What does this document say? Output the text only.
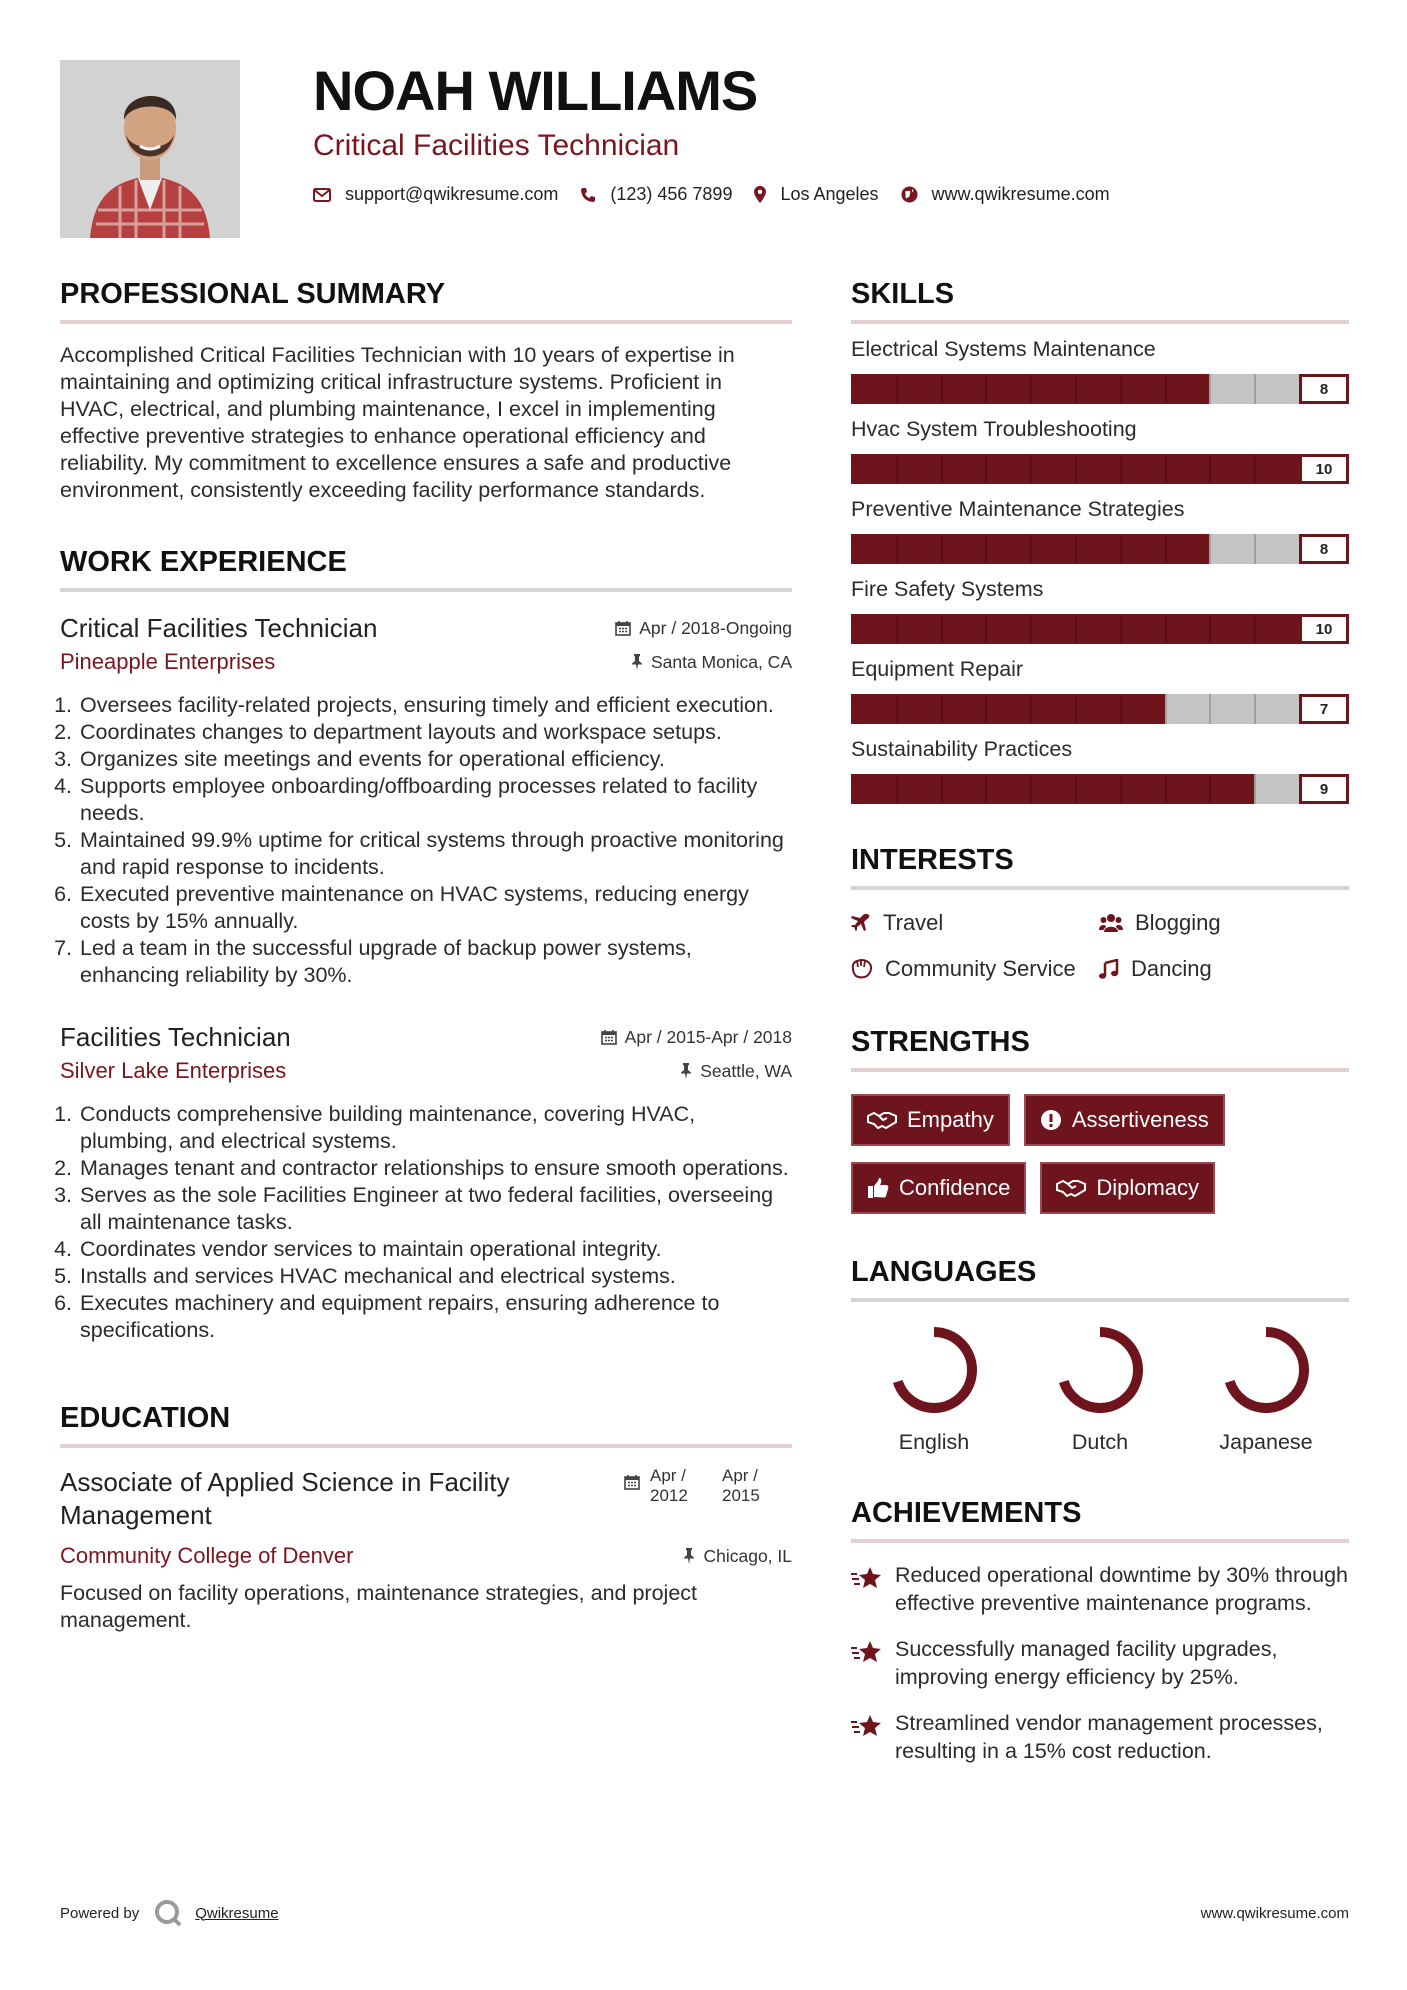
NOAH WILLIAMS
Critical Facilities Technician
support@qwikresume.com	(123) 456 7899	Los Angeles	www.qwikresume.com
PROFESSIONAL SUMMARY

Accomplished Critical Facilities Technician with 10 years of expertise in maintaining and optimizing critical infrastructure systems. Proficient in HVAC, electrical, and plumbing maintenance, I excel in implementing effective preventive strategies to enhance operational efficiency and reliability. My commitment to excellence ensures a safe and productive environment, consistently exceeding facility performance standards.

WORK EXPERIENCE
Critical Facilities Technician	Apr / 2018-Ongoing
Pineapple Enterprises	Santa Monica, CA
1. Oversees facility-related projects, ensuring timely and efficient execution.
2. Coordinates changes to department layouts and workspace setups.
3. Organizes site meetings and events for operational efficiency.
4. Supports employee onboarding/offboarding processes related to facility needs.
5. Maintained 99.9% uptime for critical systems through proactive monitoring and rapid response to incidents.
6. Executed preventive maintenance on HVAC systems, reducing energy costs by 15% annually.
7. Led a team in the successful upgrade of backup power systems, enhancing reliability by 30%.
Facilities Technician	Apr / 2015-Apr / 2018
Silver Lake Enterprises	Seattle, WA
1. Conducts comprehensive building maintenance, covering HVAC, plumbing, and electrical systems.
2. Manages tenant and contractor relationships to ensure smooth operations.
3. Serves as the sole Facilities Engineer at two federal facilities, overseeing all maintenance tasks.
4. Coordinates vendor services to maintain operational integrity.
5. Installs and services HVAC mechanical and electrical systems.
6. Executes machinery and equipment repairs, ensuring adherence to specifications.
EDUCATION
Associate of Applied Science in Facility Management
Apr / 2012
Apr / 2015
Community College of Denver	Chicago, IL

Focused on facility operations, maintenance strategies, and project management.

SKILLS
Electrical Systems Maintenance
8
Hvac System Troubleshooting
10
Preventive Maintenance Strategies
8
Fire Safety Systems
10
Equipment Repair
7
Sustainability Practices
9
INTERESTS
Travel	Blogging
Community Service	Dancing
STRENGTHS
Empathy	Assertiveness
Confidence	Diplomacy
LANGUAGES
English	Dutch	Japanese
ACHIEVEMENTS
Reduced operational downtime by 30% through effective preventive maintenance programs.
Successfully managed facility upgrades, improving energy efficiency by 25%.
Streamlined vendor management processes, resulting in a 15% cost reduction.
Powered by	Qwikresume	www.qwikresume.com
